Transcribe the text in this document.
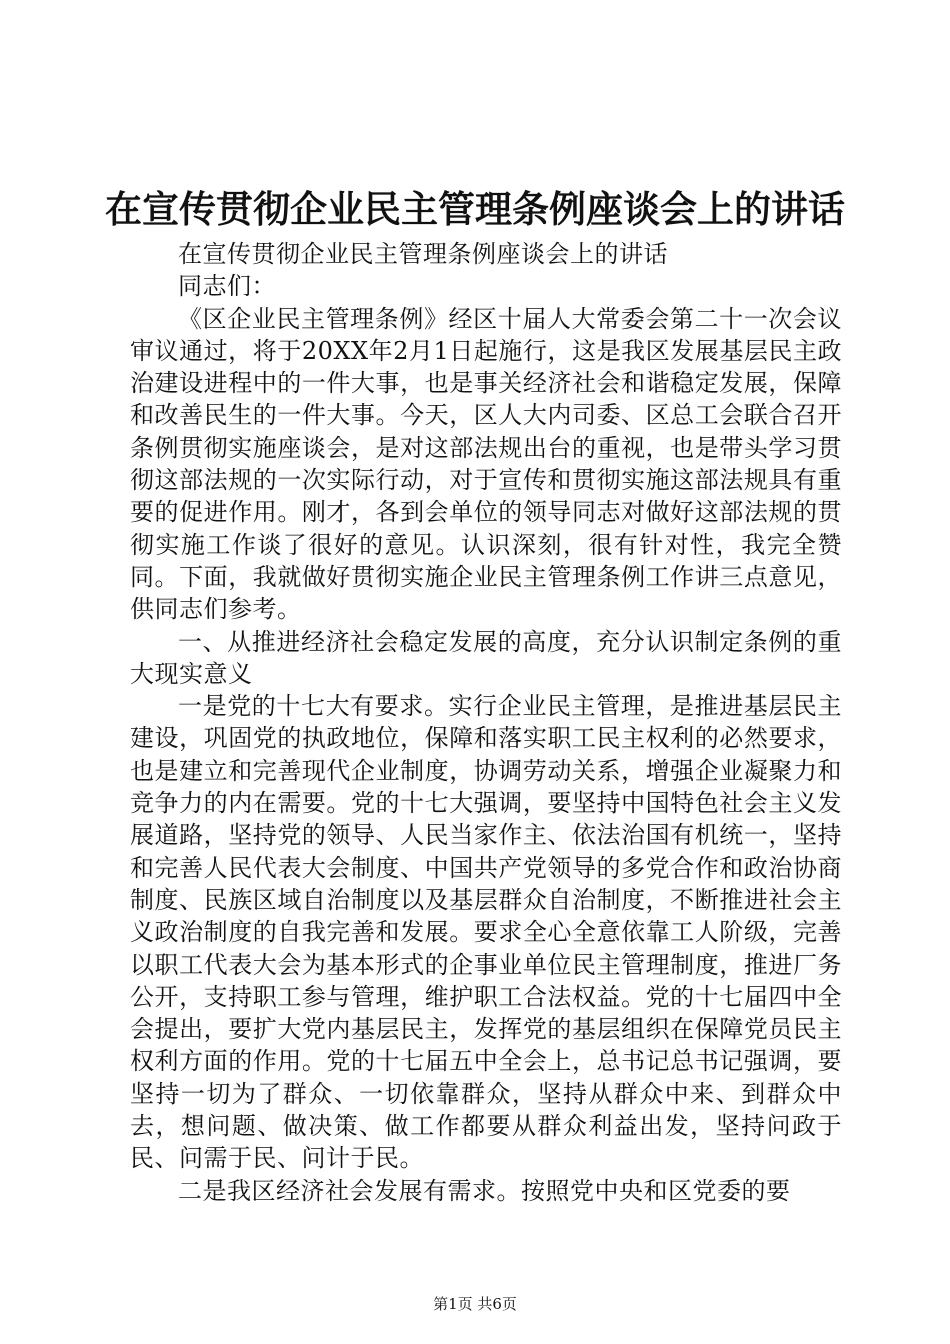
在宣传贯彻企业民主管理条例座谈会上的讲话

在宣传贯彻企业民主管理条例座谈会上的讲话

同志们：

《区企业民主管理条例》经区十届人大常委会第二十一次会议审议通过，将于20XX年2月1日起施行，这是我区发展基层民主政治建设进程中的一件大事，也是事关经济社会和谐稳定发展，保障和改善民生的一件大事。今天，区人大内司委、区总工会联合召开条例贯彻实施座谈会，是对这部法规出台的重视，也是带头学习贯彻这部法规的一次实际行动，对于宣传和贯彻实施这部法规具有重要的促进作用。刚才，各到会单位的领导同志对做好这部法规的贯彻实施工作谈了很好的意见。认识深刻，很有针对性，我完全赞同。下面，我就做好贯彻实施企业民主管理条例工作讲三点意见，供同志们参考。

一、从推进经济社会稳定发展的高度，充分认识制定条例的重大现实意义

一是党的十七大有要求。实行企业民主管理，是推进基层民主建设，巩固党的执政地位，保障和落实职工民主权利的必然要求，也是建立和完善现代企业制度，协调劳动关系，增强企业凝聚力和竞争力的内在需要。党的十七大强调，要坚持中国特色社会主义发展道路，坚持党的领导、人民当家作主、依法治国有机统一，坚持和完善人民代表大会制度、中国共产党领导的多党合作和政治协商制度、民族区域自治制度以及基层群众自治制度，不断推进社会主义政治制度的自我完善和发展。要求全心全意依靠工人阶级，完善以职工代表大会为基本形式的企事业单位民主管理制度，推进厂务公开，支持职工参与管理，维护职工合法权益。党的十七届四中全会提出，要扩大党内基层民主，发挥党的基层组织在保障党员民主权利方面的作用。党的十七届五中全会上，总书记总书记强调，要坚持一切为了群众、一切依靠群众，坚持从群众中来、到群众中去，想问题、做决策、做工作都要从群众利益出发，坚持问政于民、问需于民、问计于民。

二是我区经济社会发展有需求。按照党中央和区党委的要

第1页 共6页
